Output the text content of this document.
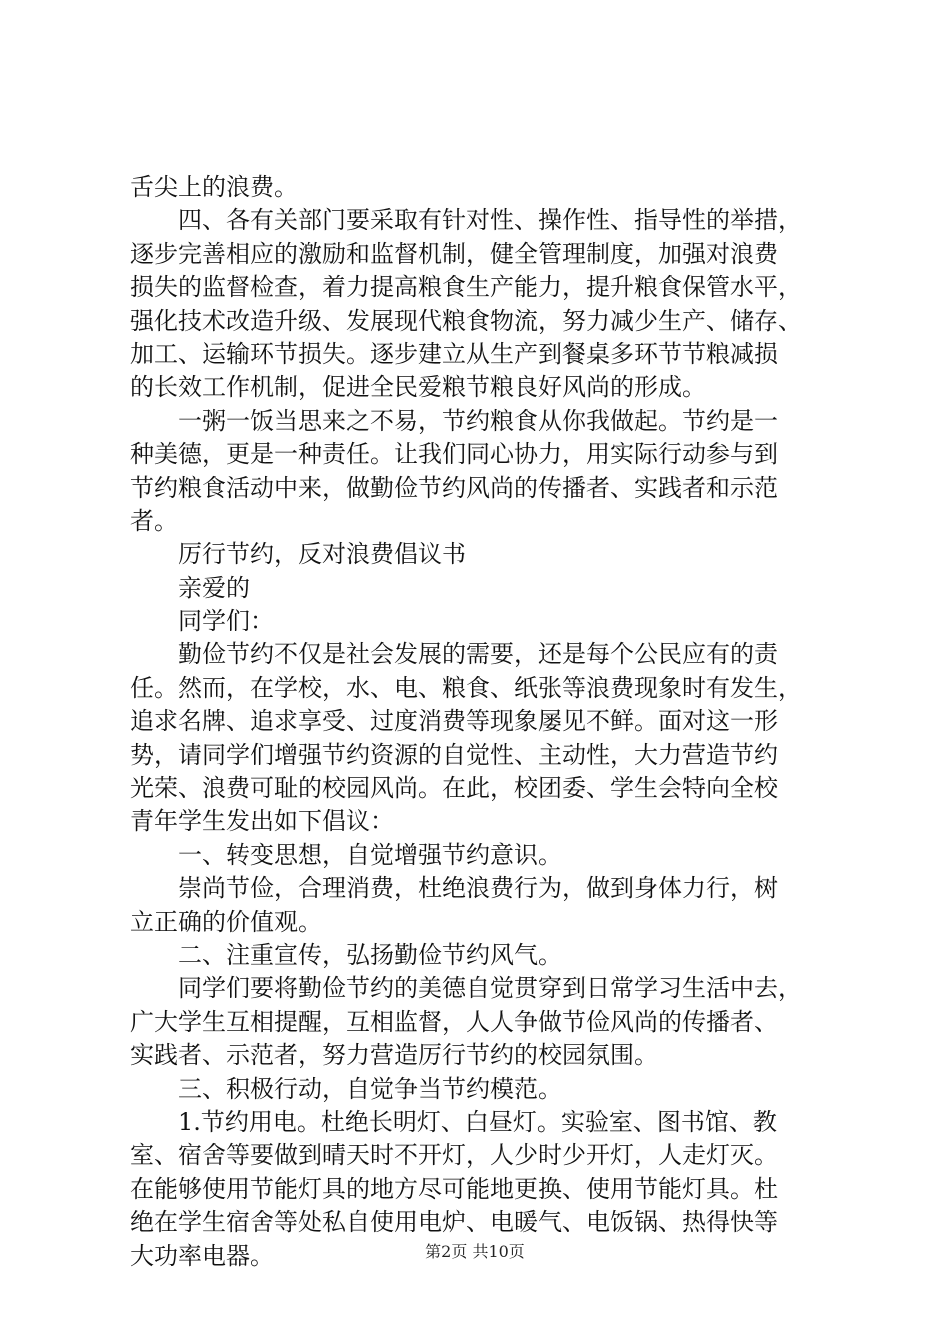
舌尖上的浪费。
四、各有关部门要采取有针对性、操作性、指导性的举措，
逐步完善相应的激励和监督机制，健全管理制度，加强对浪费
损失的监督检查，着力提高粮食生产能力，提升粮食保管水平，
强化技术改造升级、发展现代粮食物流，努力减少生产、储存、
加工、运输环节损失。逐步建立从生产到餐桌多环节节粮减损
的长效工作机制，促进全民爱粮节粮良好风尚的形成。
一粥一饭当思来之不易，节约粮食从你我做起。节约是一
种美德，更是一种责任。让我们同心协力，用实际行动参与到
节约粮食活动中来，做勤俭节约风尚的传播者、实践者和示范
者。
厉行节约，反对浪费倡议书
亲爱的
同学们：
勤俭节约不仅是社会发展的需要，还是每个公民应有的责
任。然而，在学校，水、电、粮食、纸张等浪费现象时有发生，
追求名牌、追求享受、过度消费等现象屡见不鲜。面对这一形
势，请同学们增强节约资源的自觉性、主动性，大力营造节约
光荣、浪费可耻的校园风尚。在此，校团委、学生会特向全校
青年学生发出如下倡议：
一、转变思想，自觉增强节约意识。
崇尚节俭，合理消费，杜绝浪费行为，做到身体力行，树
立正确的价值观。
二、注重宣传，弘扬勤俭节约风气。
同学们要将勤俭节约的美德自觉贯穿到日常学习生活中去，
广大学生互相提醒，互相监督，人人争做节俭风尚的传播者、
实践者、示范者，努力营造厉行节约的校园氛围。
三、积极行动，自觉争当节约模范。
1.节约用电。杜绝长明灯、白昼灯。实验室、图书馆、教
室、宿舍等要做到晴天时不开灯，人少时少开灯，人走灯灭。
在能够使用节能灯具的地方尽可能地更换、使用节能灯具。杜
绝在学生宿舍等处私自使用电炉、电暖气、电饭锅、热得快等
大功率电器。	第2页 共10页
